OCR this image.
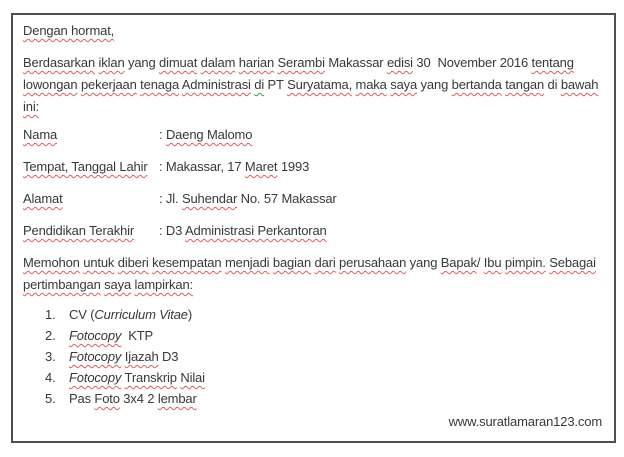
Dengan hormat,
Berdasarkan iklan yang dimuat dalam harian Serambi Makassar edisi 30  November 2016 tentang
lowongan pekerjaan tenaga Administrasi di PT Suryatama, maka saya yang bertanda tangan di bawah
ini:
Nama	: Daeng Malomo
Tempat, Tanggal Lahir : Makassar, 17 Maret 1993
Alamat	: Jl. Suhendar No. 57 Makassar
Pendidikan Terakhir	: D3 Administrasi Perkantoran
Memohon untuk diberi kesempatan menjadi bagian dari perusahaan yang Bapak/ Ibu pimpin. Sebagai
pertimbangan saya lampirkan:
1.	CV (Curriculum Vitae)
2.	Fotocopy  KTP
3.	Fotocopy Ijazah D3
4.	Fotocopy Transkrip Nilai
5.	Pas Foto 3x4 2 lembar
www.suratlamaran123.com
